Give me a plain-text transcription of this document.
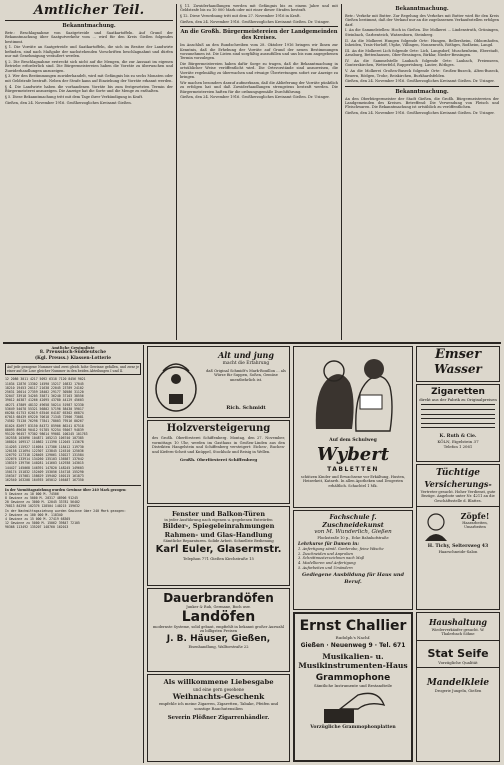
Amtlicher Teil.
Bekanntmachung.

Betr.: Beschlagnahme von Saatgetreide und Saatkartoffeln. Auf Grund der Bekanntmachung über Saatgutverkehr vom ... wird für den Kreis Gießen folgendes bestimmt.

§ 1. Die Vorräte an Saatgetreide und Saatkartoffeln, die sich im Besitze der Landwirte befinden, sind nach Maßgabe der nachstehenden Vorschriften beschlagnahmt und dürfen nur mit Genehmigung veräußert werden.

§ 2. Die Beschlagnahme erstreckt sich nicht auf die Mengen, die zur Aussaat im eigenen Betriebe erforderlich sind. Die Bürgermeistereien haben die Vorräte zu überwachen und Zuwiderhandlungen anzuzeigen.

§ 3. Wer den Bestimmungen zuwiderhandelt, wird mit Gefängnis bis zu sechs Monaten oder mit Geldstrafe bestraft. Neben der Strafe kann auf Einziehung der Vorräte erkannt werden.

§ 4. Die Landwirte haben die vorhandenen Vorräte bis zum festgesetzten Termin der Bürgermeisterei anzuzeigen. Die Anzeige hat die Sorte und die Menge zu enthalten.

§ 5. Diese Bekanntmachung tritt mit dem Tage ihrer Verkündigung in Kraft.

Gießen, den 24. November 1916. Großherzogliches Kreisamt Gießen.

§ 11. Zuwiderhandlungen werden mit Gefängnis bis zu einem Jahre und mit Geldstrafe bis zu 10 000 Mark oder mit einer dieser Strafen bestraft.

§ 12. Diese Verordnung tritt mit dem 27. November 1916 in Kraft.

Gießen, den 24. November 1916. Großherzogliches Kreisamt Gießen. Dr. Usinger.

An die Großh. Bürgermeistereien der Landgemeinden des Kreises.

Im Anschluß an den Rundschreiben vom 28. Oktober 1916 bringen wir Ihnen zur Kenntnis, daß die Erhebung der Vorräte auf Grund der neuen Bestimmungen vorzunehmen ist. Die Listen sind sorgfältig auszufüllen und uns bis zum angegebenen Termin vorzulegen.

Die Bürgermeistereien haben dafür Sorge zu tragen, daß die Bekanntmachung in ortsüblicher Weise veröffentlicht wird. Die Ortsvorstände sind anzuweisen, die Vorräte regelmäßig zu überwachen und etwaige Übertretungen sofort zur Anzeige zu bringen.

Wir machen besonders darauf aufmerksam, daß die Ablieferung der Vorräte pünktlich zu erfolgen hat und daß Zuwiderhandlungen strengstens bestraft werden. Die Bürgermeistereien haften für die ordnungsgemäße Durchführung.

Gießen, den 24. November 1916. Großherzogliches Kreisamt Gießen. Dr. Usinger.

Bekanntmachung.

Betr.: Verkehr mit Butter. Zur Regelung des Verkehrs mit Butter wird für den Kreis Gießen bestimmt, daß der Verkauf nur an die zugelassenen Verkaufsstellen erfolgen darf.

I. An die Sammelstellen: Hoch in Gießen. Die Molkerei ... Lindenstruth, Grüningen, Steinbach, Garbenteich, Watzenborn, Steinberg.

II. An die Molkerei Hungen folgende Orte: Hungen, Bellersheim, Obbornhofen, Inheiden, Trais-Horloff, Utphe, Villingen, Nonnenroth, Röthges, Rodheim, Langd.

III. An die Molkerei Lich folgende Orte: Lich, Langsdorf, Muschenheim, Eberstadt, Arnsburg, Bettenhausen, Ober-Bessingen, Birklar, Nieder-Bessingen.

IV. An die Sammelstelle Laubach folgende Orte: Laubach, Freienseen, Gonterskirchen, Wetterfeld, Ruppertsburg, Lauter, Röthges.

V. An die Molkerei Großen-Buseck folgende Orte: Großen-Buseck, Alten-Buseck, Beuern, Rödgen, Trohe, Reiskirchen, Burkhardsfelden.

Gießen, den 24. November 1916. Großherzogliches Kreisamt Gießen. Dr. Usinger.

Bekanntmachung.

An den Oberbürgermeister der Stadt Gießen, die Großh. Bürgermeistereien der Landgemeinden des Kreises. Betreffend: Die Verwendung von Fleisch und Fleischwaren. Die Bekanntmachung ist ortsüblich zu veröffentlichen.

Gießen, den 24. November 1916. Großherzogliches Kreisamt Gießen. Dr. Usinger.

Amtliche Gewinnliste
8. Preussisch-Süddeutsche
(Kgl. Preuss.) Klassen-Lotterie
Auf jede gezogene Nummer sind zwei gleich hohe Gewinne gefallen, und zwar je einer auf die Lose gleicher Nummer in den beiden Abteilungen I und II.
12 2086 3011 4217 5092 6318 7120 8456 9021
11034 12876 13302 14590 15217 16832 17045
18210 19453 20117 21638 22045 23789 24102
25631 26014 27359 28402 29177 30586 31120
32047 33918 34205 35871 36240 37103 38556
39012 40387 41266 42095 43780 44129 45603
46271 47809 48132 49658 50214 51987 52330
53649 54078 55321 56802 57196 58430 59017
60284 61753 62019 63546 64187 65302 66874
67015 68439 69220 70618 71345 72906 73081
74562 75130 76298 77841 78003 79516 80267
81024 82697 83150 84372 85906 86241 87518
88093 89630 90412 91785 92254 93067 94839
95120 96457 97302 98614 99081 100245 101763
102538 103096 104871 105213 106740 107385
108024 109517 110862 111390 112045 113678
114203 115927 116054 117386 118412 119730
120158 121694 122307 123845 124510 125036
126792 127318 128405 129061 130227 131584
132076 133914 134260 135103 136587 137042
138319 139756 140281 141603 142938 143015
144427 145068 146391 147820 148245 149603
150174 151832 152409 153056 154718 155290
156347 157081 158629 159402 160115 161873
162540 163208 164935 165012 166487 167350
In der Vormittagsziehung wurden Gewinne über 240 Mark gezogen:
5 Gewinne zu 10 000 M. 74506
8 Gewinne zu 5000 M. 20317 48906 91245
20 Gewinne zu 3000 M. 12045 33781 56402
70813 84290 102376 128504 140215 159632
In der Nachmittagsziehung wurden Gewinne über 240 Mark gezogen:
2 Gewinne zu 100 000 M. 118340
4 Gewinne zu 15 000 M. 27419 68305
12 Gewinne zu 5000 M. 15062 39847 72105
90368 113492 135207 148760 162013
Alt und jung
macht die Erfahrung
daß Original Schmidt's Mark-Bouillon ... als Würze für Suppen, Soßen, Gemüse unentbehrlich ist.
Rich. Schmidt
Holzversteigerung
des Großh. Oberförsterei Schiffenberg. Montag, den 27. November, vormittags 10 Uhr, werden im Gasthaus in Großen-Linden aus den Distrikten Hangelstein und Schiffenberg versteigert: Eichen-, Buchen- und Kiefern-Scheit und Knüppel, Stockholz und Reisig in Wellen.
Großh. Oberförsterei Schiffenberg
Fenster und Balkon-Türen
in jeder Ausführung nach eigenen u. gegebenen Entwürfen
Bilder-, Spiegeleinrahmungen
Rahmen- und Glas-Handlung
Sämtliche Reparaturen. Solide Arbeit. Schnellste Bedienung
Karl Euler, Glasermstr.
Telephon 771 Gießen Kirchstraße 15
Dauerbrandöfen
Junker & Ruh, Germane, Boch usw.
Landöfen
modernste Systeme, solid gebaut, empfiehlt in bekannt großer Auswahl zu billigsten Preisen
J. B. Häuser, Gießen,
Eisenhandlung, Walltorstraße 22
Als willkommene Liebesgabe
und eine gern gesehene
Weihnachts-Geschenk
empfehle ich meine Zigarren, Zigaretten, Tabake, Pfeifen und sonstige Rauchutensilien
Severin Plößner Zigarrenhändler.
Auf dem Schulweg
Wybert
TABLETTEN
schützen Kinder und Erwachsene vor Erkältung, Husten, Heiserkeit, Katarrh. In allen Apotheken und Drogerien erhältlich. Schachtel 1 Mk.
Fachschule f. Zuschneidekunst
von M. Wunderlich, Gießen
Plockstraße 10 p., Ecke Bahnhofstraße
Lehrkurse für Damen in:
1. Anfertigung sämtl. Garderobe, feine Wäsche
2. Zuschneiden und Anproben
3. Schnittmusterzeichnen nach Maß
4. Modellieren und Anfertigung
5. Aufarbeiten und Umändern
Gediegene Ausbildung für Haus und Beruf.
Ernst Challier
Rudolph's Nachf.
Gießen · Neuenweg 9 · Tel. 671
Musikalien- u.
Musikinstrumenten-Haus
Grammophone
Sämtliche Instrumente und Bestandteile
Vorzügliche Grammophonplatten
Emser
Wasser
Zigaretten
direkt aus der Fabrik zu Originalpreisen
K. Ruth & Cie.
KÖLN, Eigelstein 37
Telefon 1 2061
Tüchtige
Versicherungs-
Vertreter gesucht. Hoher Verdienst, gute Bezüge. Angebote unter Nr. 4211 an die Geschäftsstelle d. Blattes.
Zöpfe!
Haararbeiten, Umarbeiten
H. Tichy, Seltersweg 43
Haarschneide-Salon
Haushaltung
Wiederverkäufer gesucht. W. Thalerbach Söhne
Stat Seife
Vorzügliche Qualität
Mandelkleie
Drogerie Jungeln, Gießen
